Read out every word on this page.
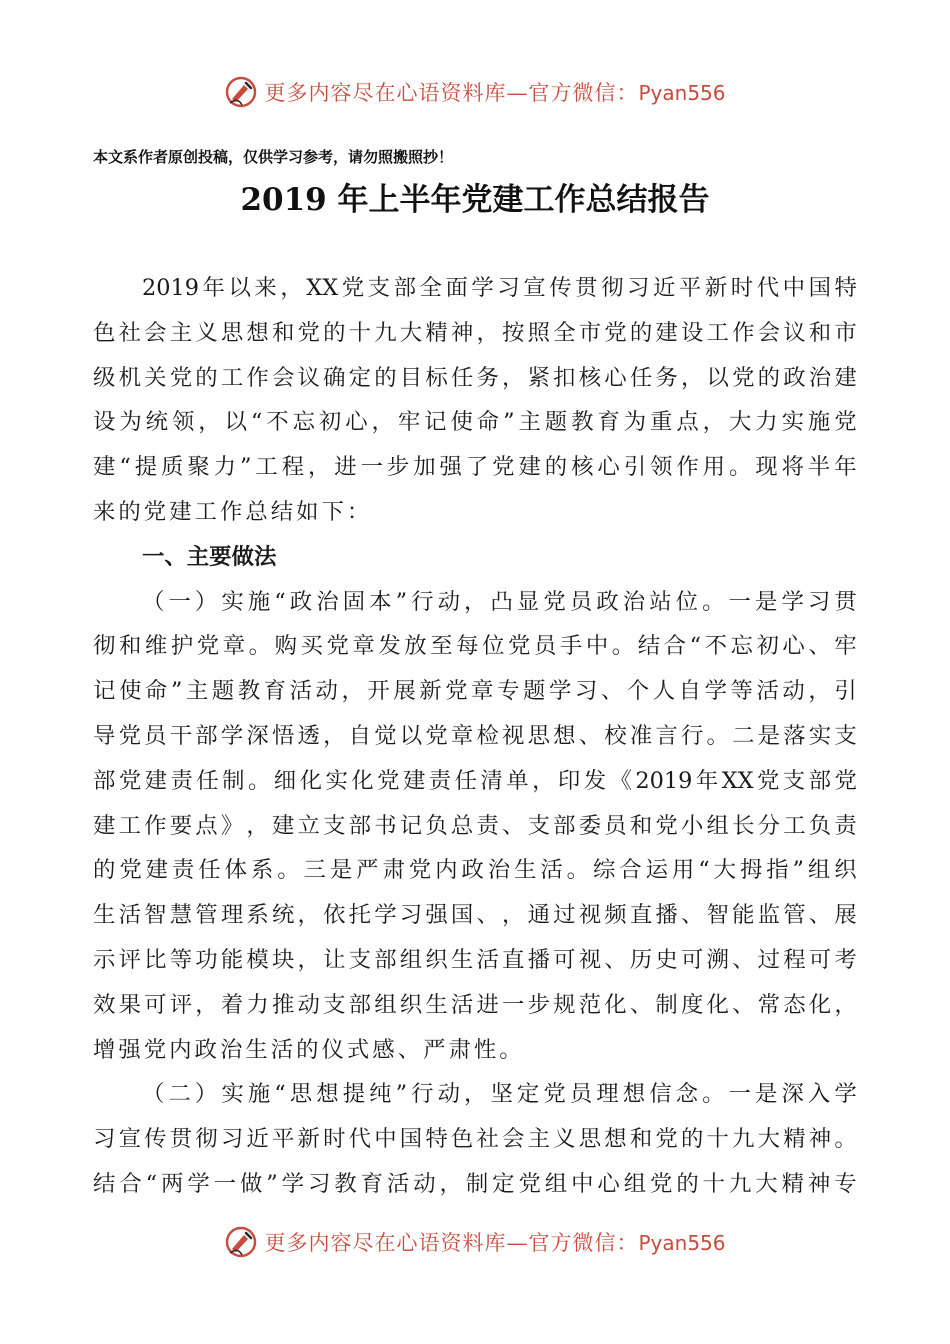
更多内容尽在心语资料库—官方微信：Pyan556
本文系作者原创投稿，仅供学习参考，请勿照搬照抄！
2019 年上半年党建工作总结报告
2019 年 以 来 ， XX 党 支 部 全 面 学 习 宣 传 贯 彻 习 近 平 新 时 代 中 国 特
色 社 会 主 义 思 想 和 党 的 十 九 大 精 神 ， 按 照 全 市 党 的 建 设 工 作 会 议 和 市
级 机 关 党 的 工 作 会 议 确 定 的 目 标 任 务 ， 紧 扣 核 心 任 务 ， 以 党 的 政 治 建
设 为 统 领 ， 以 “ 不 忘 初 心 ， 牢 记 使 命 ” 主 题 教 育 为 重 点 ， 大 力 实 施 党
建 “ 提 质 聚 力 ” 工 程 ， 进 一 步 加 强 了 党 建 的 核 心 引 领 作 用 。 现 将 半 年
来的党建工作总结如下：
一、主要做法
（ 一 ） 实 施 “ 政 治 固 本 ” 行 动 ， 凸 显 党 员 政 治 站 位 。 一 是 学 习 贯
彻 和 维 护 党 章 。 购 买 党 章 发 放 至 每 位 党 员 手 中 。 结 合 “ 不 忘 初 心 、 牢
记 使 命 ” 主 题 教 育 活 动 ， 开 展 新 党 章 专 题 学 习 、 个 人 自 学 等 活 动 ， 引
导 党 员 干 部 学 深 悟 透 ， 自 觉 以 党 章 检 视 思 想 、 校 准 言 行 。 二 是 落 实 支
部 党 建 责 任 制 。 细 化 实 化 党 建 责 任 清 单 ， 印 发 《 2019 年 XX 党 支 部 党
建 工 作 要 点 》 ， 建 立 支 部 书 记 负 总 责 、 支 部 委 员 和 党 小 组 长 分 工 负 责
的 党 建 责 任 体 系 。 三 是 严 肃 党 内 政 治 生 活 。 综 合 运 用 “ 大 拇 指 ” 组 织
生 活 智 慧 管 理 系 统 ， 依 托 学 习 强 国 、 ， 通 过 视 频 直 播 、 智 能 监 管 、 展
示 评 比 等 功 能 模 块 ， 让 支 部 组 织 生 活 直 播 可 视 、 历 史 可 溯 、 过 程 可 考
效 果 可 评 ， 着 力 推 动 支 部 组 织 生 活 进 一 步 规 范 化 、 制 度 化 、 常 态 化 ，
增强党内政治生活的仪式感、严肃性。
（ 二 ） 实 施 “ 思 想 提 纯 ” 行 动 ， 坚 定 党 员 理 想 信 念 。 一 是 深 入 学
习 宣 传 贯 彻 习 近 平 新 时 代 中 国 特 色 社 会 主 义 思 想 和 党 的 十 九 大 精 神 。
结 合 “ 两 学 一 做 ” 学 习 教 育 活 动 ， 制 定 党 组 中 心 组 党 的 十 九 大 精 神 专
更多内容尽在心语资料库—官方微信：Pyan556
